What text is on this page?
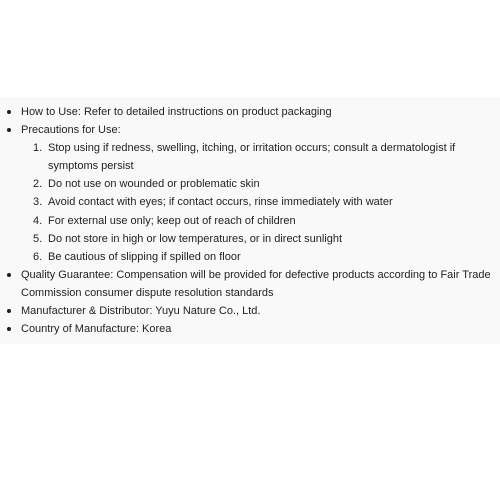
How to Use: Refer to detailed instructions on product packaging
Precautions for Use:
1. Stop using if redness, swelling, itching, or irritation occurs; consult a dermatologist if symptoms persist
2. Do not use on wounded or problematic skin
3. Avoid contact with eyes; if contact occurs, rinse immediately with water
4. For external use only; keep out of reach of children
5. Do not store in high or low temperatures, or in direct sunlight
6. Be cautious of slipping if spilled on floor
Quality Guarantee: Compensation will be provided for defective products according to Fair Trade Commission consumer dispute resolution standards
Manufacturer & Distributor: Yuyu Nature Co., Ltd.
Country of Manufacture: Korea
